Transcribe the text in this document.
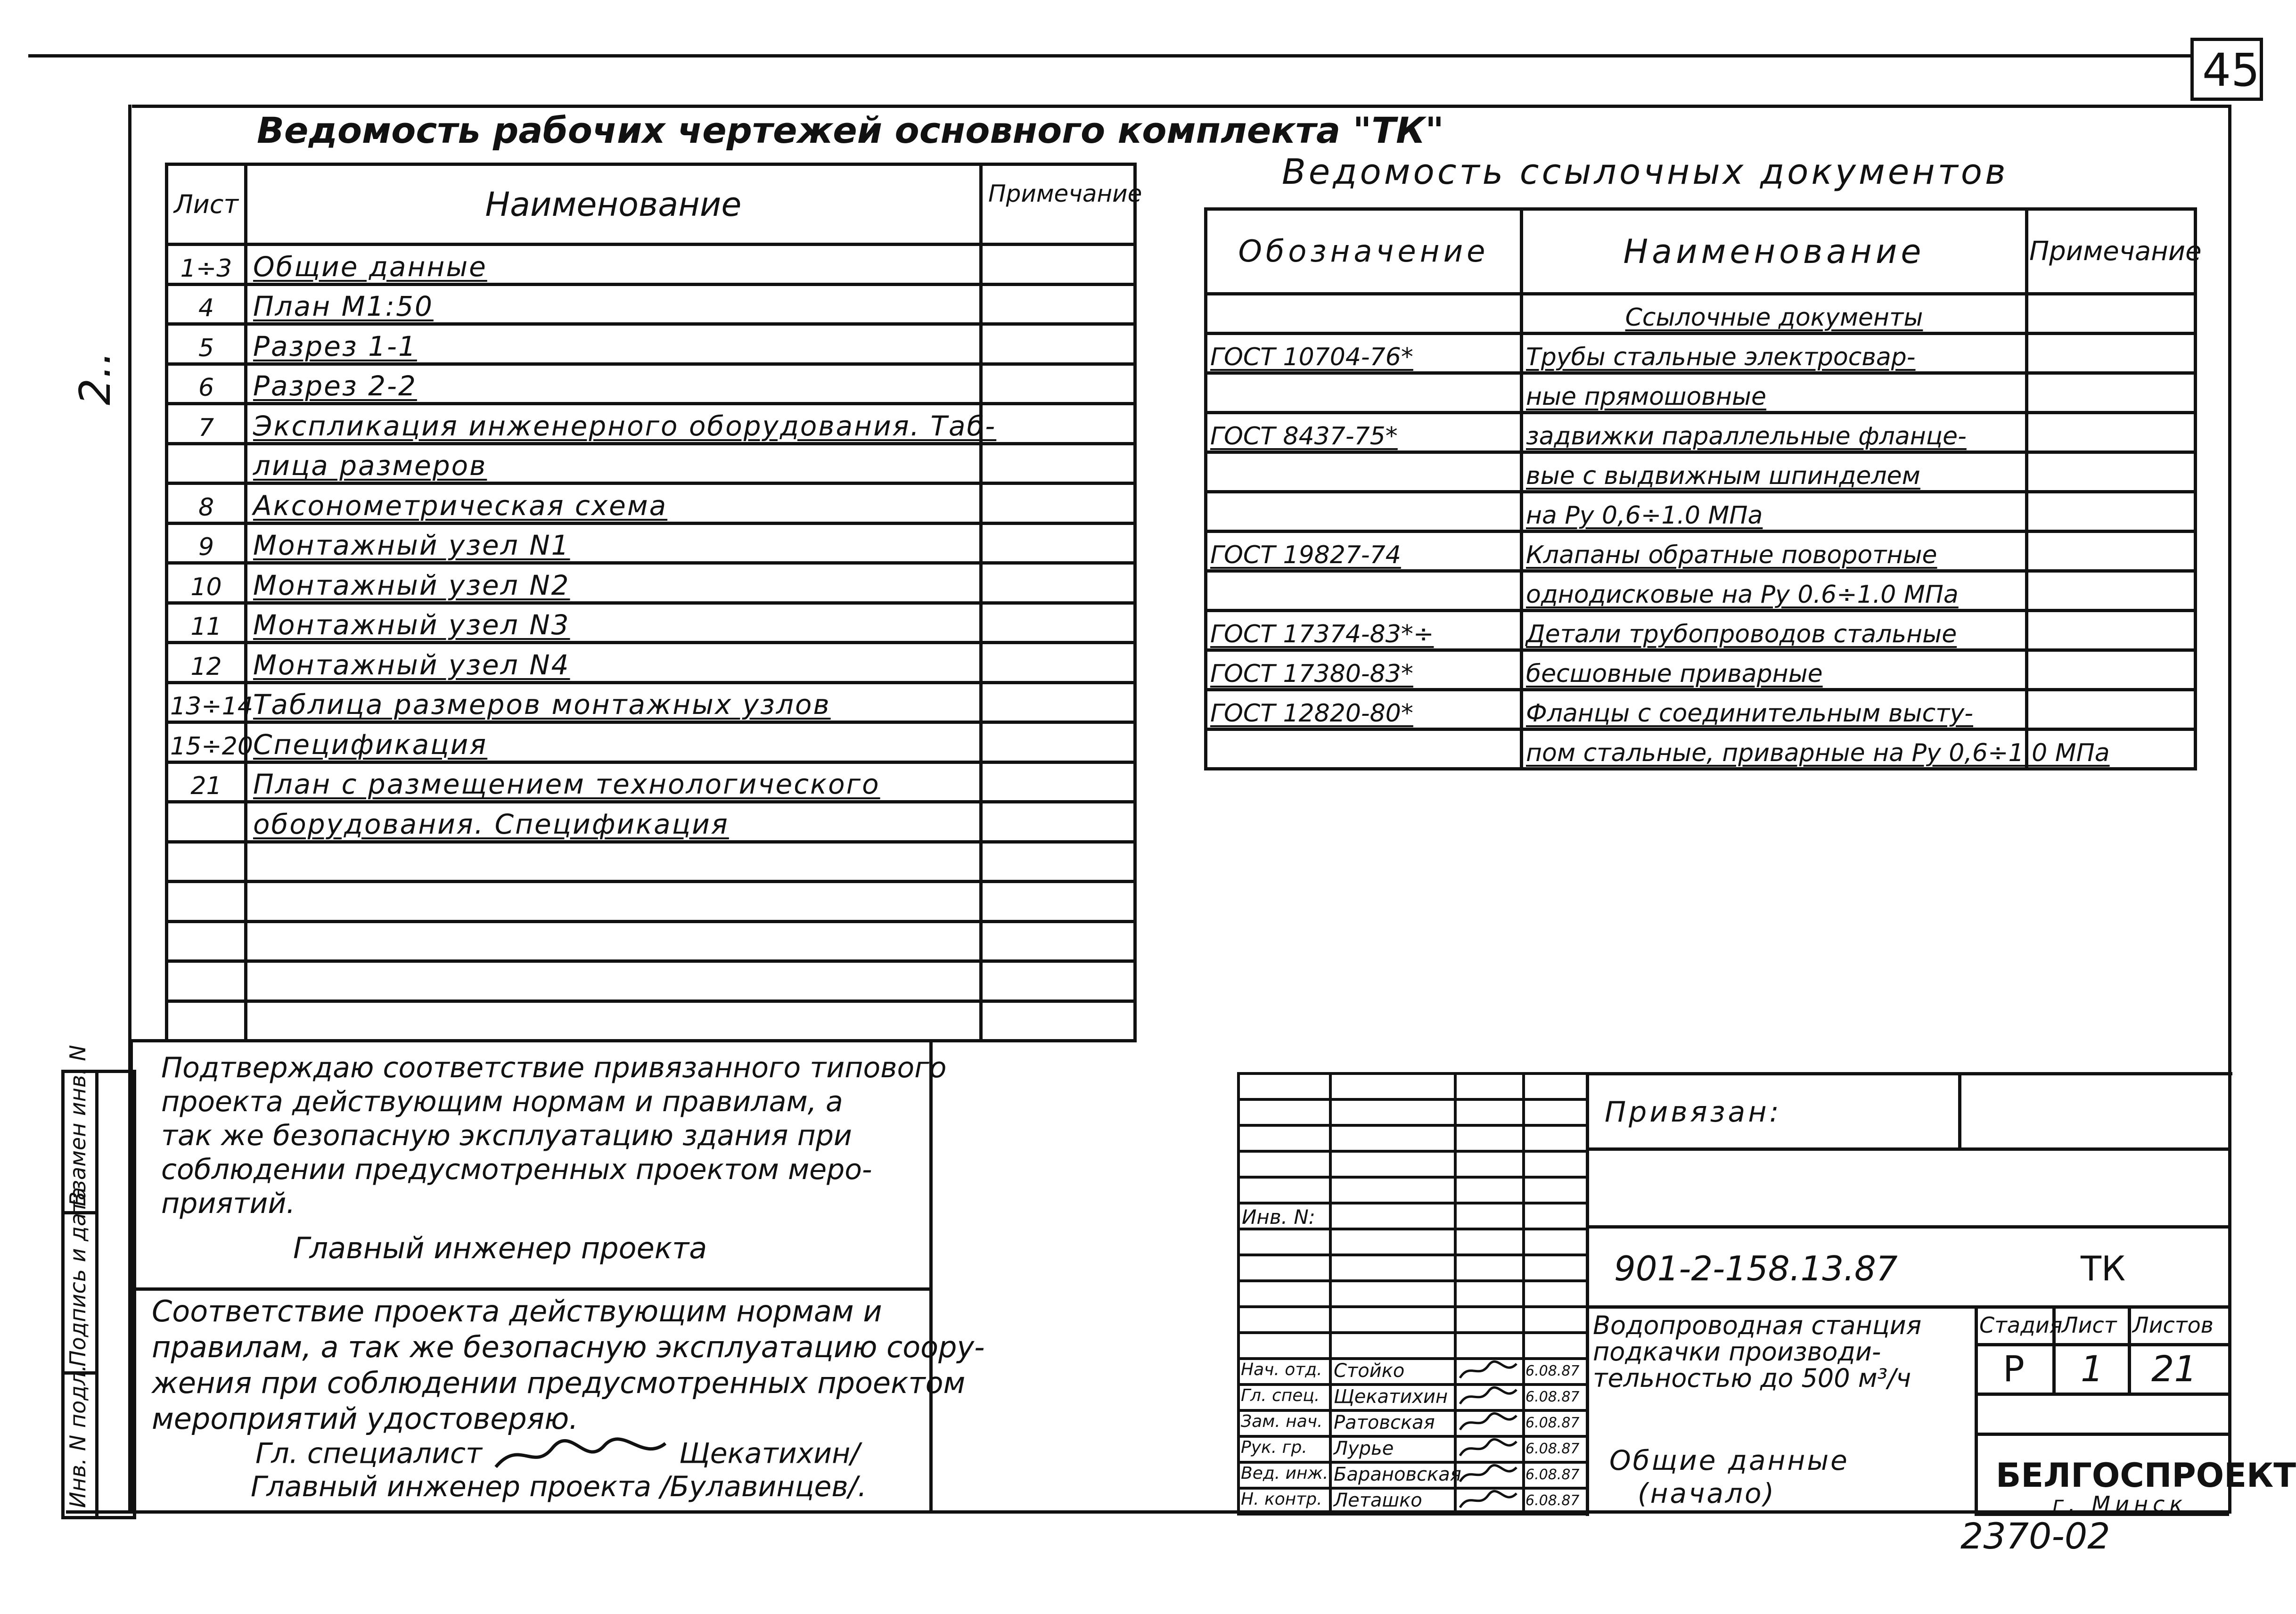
45
2..
Ведомость рабочих чертежей основного комплекта "ТК"
Лист	Наименование	Примечание
1÷3	Общие данные	
4	План М1:50	
5	Разрез 1-1	
6	Разрез 2-2	
7	Экспликация инженерного оборудования. Таб-	
	лица размеров	
8	Аксонометрическая схема	
9	Монтажный узел N1	
10	Монтажный узел N2	
11	Монтажный узел N3	
12	Монтажный узел N4	
13÷14	Таблица размеров монтажных узлов	
15÷20	Спецификация	
21	План с размещением технологического	
	оборудования. Спецификация	

Ведомость ссылочных документов
Обозначение	Наименование	Примечание
	Ссылочные документы	
ГОСТ 10704-76*	Трубы стальные электросвар-	
	ные прямошовные	
ГОСТ 8437-75*	задвижки параллельные фланце-	
	вые с выдвижным шпинделем	
	на Ру 0,6÷1.0 МПа	
ГОСТ 19827-74	Клапаны обратные поворотные	
	однодисковые на Ру 0.6÷1.0 МПа	
ГОСТ 17374-83*÷	Детали трубопроводов стальные	
ГОСТ 17380-83*	бесшовные приварные	
ГОСТ 12820-80*	Фланцы с соединительным высту-	
	пом стальные, приварные на Ру 0,6÷1.0 МПа	
Инв. N подл.
Подпись и дата
Взамен инв. N	Подтверждаю соответствие привязанного типового
проекта действующим нормам и правилам, а
так же безопасную эксплуатацию здания при
соблюдении предусмотренных проектом меро-
приятий.
Главный инженер проекта
Соответствие проекта действующим нормам и
правилам, а так же безопасную эксплуатацию соору-
жения при соблюдении предусмотренных проектом
мероприятий удостоверяю.
Гл. специалист	Щекатихин/
Главный инженер проекта /Булавинцев/.
Инв. N:
Нач. отд. Стойко	6.08.87
Гл. спец. Щекатихин	6.08.87
Зам. нач. Ратовская	6.08.87
Рук. гр. Лурье	6.08.87
Вед. инж. Барановская	6.08.87
Н. контр. Леташко	6.08.87
Привязан:
901-2-158.13.87	ТК
Водопроводная станция подкачки производи- тельностью до 500 м³/ч
Стадия
Лист Листов
Р 1 21
Общие данные
(начало)	БЕЛГОСПРОЕКТ
г. Минск
2370-02
